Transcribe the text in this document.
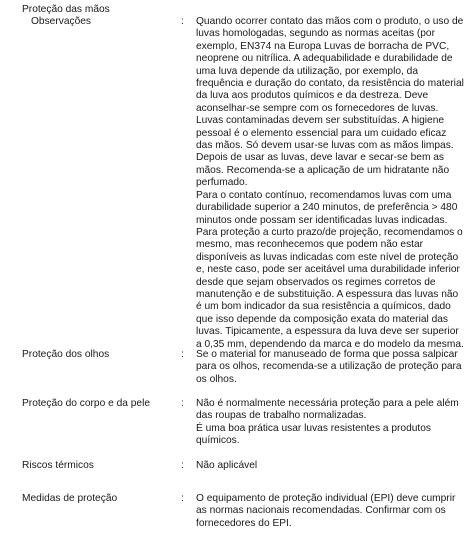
Proteção das mãos
Observações	: Quando ocorrer contato das mãos com o produto, o uso de luvas homologadas, segundo as normas aceitas (por exemplo, EN374 na Europa Luvas de borracha de PVC, neoprene ou nitrílica. A adequabilidade e durabilidade de uma luva depende da utilização, por exemplo, da frequência e duração do contato, da resistência do material da luva aos produtos químicos e da destreza. Deve aconselhar-se sempre com os fornecedores de luvas. Luvas contaminadas devem ser substituídas. A higiene pessoal é o elemento essencial para um cuidado eficaz das mãos. Só devem usar-se luvas com as mãos limpas. Depois de usar as luvas, deve lavar e secar-se bem as mãos. Recomenda-se a aplicação de um hidratante não perfumado.

Para o contato contínuo, recomendamos luvas com uma durabilidade superior a 240 minutos, de preferência > 480 minutos onde possam ser identificadas luvas indicadas. Para proteção a curto prazo/de projeção, recomendamos o mesmo, mas reconhecemos que podem não estar disponíveis as luvas indicadas com este nível de proteção e, neste caso, pode ser aceitável uma durabilidade inferior desde que sejam observados os regimes corretos de manutenção e de substituição. A espessura das luvas não é um bom indicador da sua resistência a químicos, dado que isso depende da composição exata do material das luvas. Tipicamente, a espessura da luva deve ser superior a 0,35 mm, dependendo da marca e do modelo da mesma.

Proteção dos olhos	: Se o material for manuseado de forma que possa salpicar para os olhos, recomenda-se a utilização de proteção para os olhos.

Proteção do corpo e da pele	: Não é normalmente necessária proteção para a pele além das roupas de trabalho normalizadas.

É uma boa prática usar luvas resistentes a produtos químicos.

Riscos térmicos	: Não aplicável

Medidas de proteção	: O equipamento de proteção individual (EPI) deve cumprir as normas nacionais recomendadas. Confirmar com os fornecedores do EPI.
